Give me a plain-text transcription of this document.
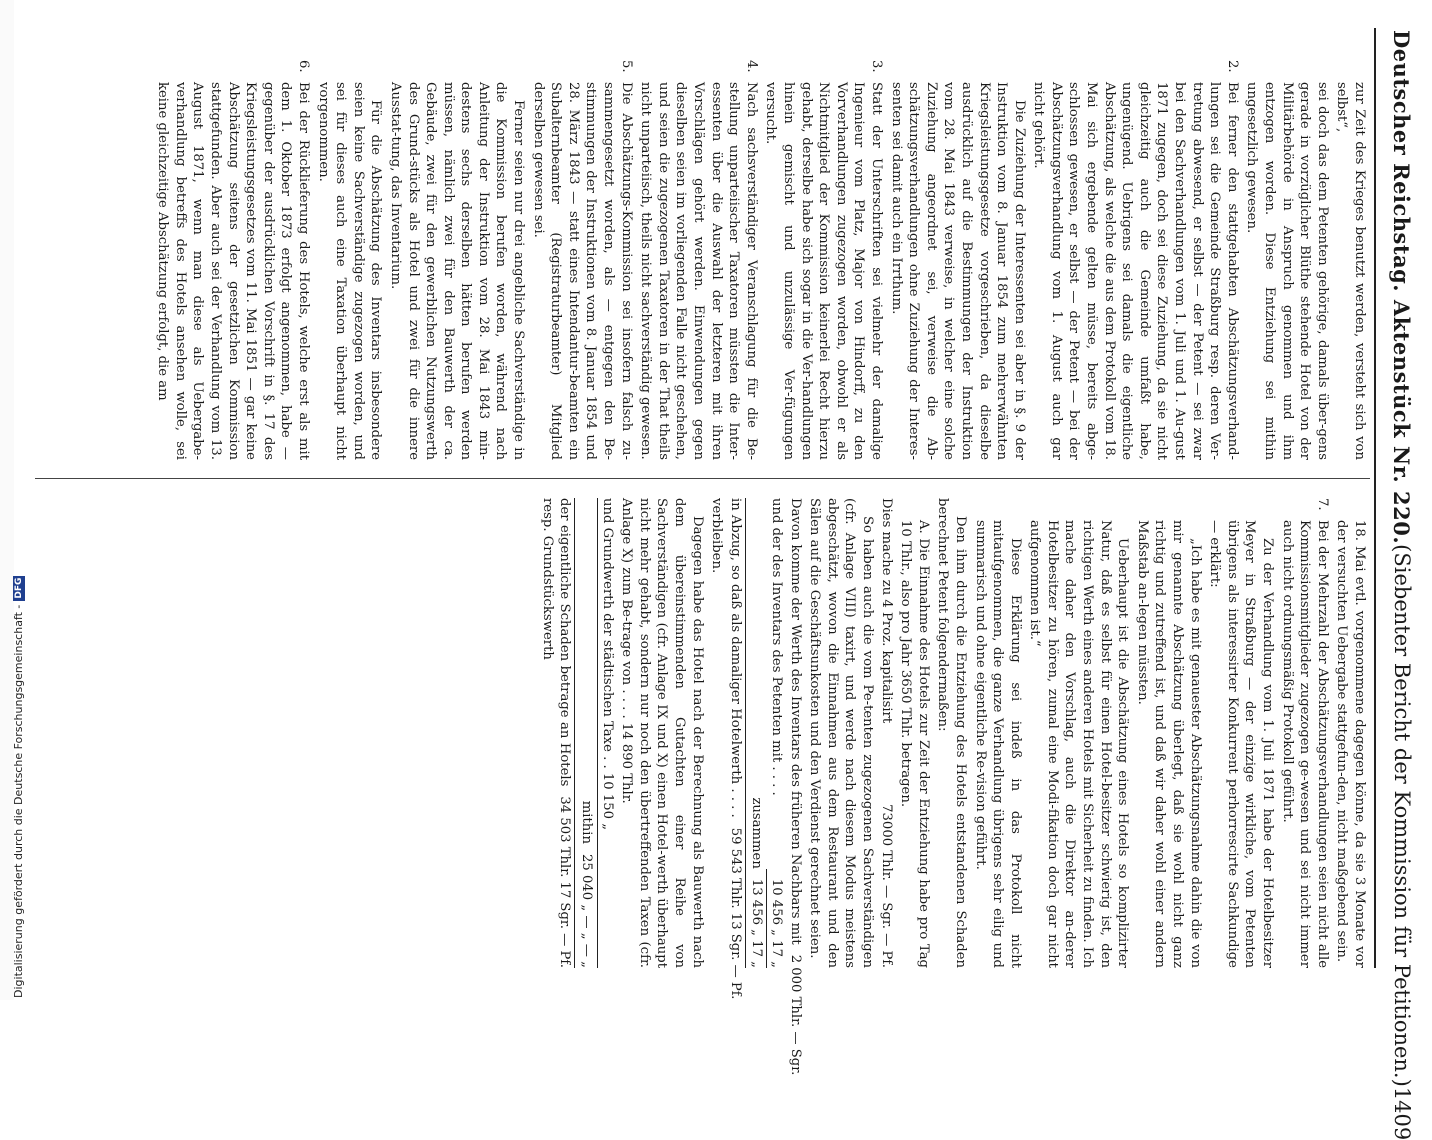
Digitalisierung gefördert durch die Deutsche Forschungsgemeinschaft -
DFG
Deutscher Reichstag. Aktenstück Nr. 220.
(Siebenter Bericht der Kommission für Petitionen.)
1409

zur Zeit des Krieges benutzt werden, versteht sich von selbst“,

sei doch das dem Petenten gehörige, damals über-gens gerade in vorzüglicher Blüthe stehende Hotel von der Militärbehörde in Anspruch genommen und ihm entzogen worden. Diese Entziehung sei mithin ungesetzlich gewesen.

2.
Bei ferner den stattgehabten Abschätzungsverhand-lungen sei die Gemeinde Straßburg resp. deren Ver-tretung abwesend, er selbst — der Petent — sei zwar bei den Sachverhandlungen vom 1. Juli und 1. Au-gust 1871 zugegen, doch sei diese Zuziehung, da sie nicht gleichzeitig auch die Gemeinde umfaßt habe, ungenügend. Uebrigens sei damals die eigentliche Abschätzung, als welche die aus dem Protokoll vom 18. Mai sich ergebende gelten müsse, bereits abge-schlossen gewesen, er selbst — der Petent — bei der Abschätzungsverhandlung vom 1. August auch gar nicht gehört.

Die Zuziehung der Interessenten sei aber in §. 9 der Instruktion vom 8. Januar 1854 zum mehrerwähnten Kriegsleistungsgesetze vorgeschrieben, da dieselbe ausdrücklich auf die Bestimmungen der Instruktion vom 28. Mai 1843 verweise, in welcher eine solche Zuziehung angeordnet sei, verweise die Ab-schätzungsverhandlungen ohne Zuziehung der Interes-senten sei damit auch ein Irrthum.

3.
Statt der Unterschriften sei vielmehr der damalige Ingenieur vom Platz, Major von Hindorff, zu den Vorverhandlungen zugezogen worden, obwohl er als Nichtmitglied der Kommission keinerlei Recht hierzu gehabt, derselbe habe sich sogar in die Ver-handlungen hinein gemischt und unzulässige Ver-fügungen versucht.
4.
Nach sachsverständiger Veranschlagung für die Be-stellung unparteiischer Taxatoren müssten die Inter-essenten über die Auswahl der letzteren mit ihren Vorschlägen gehört werden. Einwendungen gegen dieselben seien im vorliegenden Falle nicht geschehen, und seien die zugezogenen Taxatoren in der That theils nicht unparteiisch, theils nicht sachverständig gewesen.
5.
Die Abschätzungs-Kommission sei insofern falsch zu-sammengesetzt worden, als — entgegen den Be-stimmungen der Instruktionen vom 8. Januar 1854 und 28. März 1843 — statt eines Intendantur-beamten ein Subalternbeamter (Registraturbeamter) Mitglied derselben gewesen sei.

Ferner seien nur drei angebliche Sachverständige in die Kommission berufen worden, während nach Anleitung der Instruktion vom 28. Mai 1843 min-destens sechs derselben hätten berufen werden müssen, nämlich zwei für den Bauwerth der ca. Gebäude, zwei für den gewerblichen Nutzungswerth des Grund-stücks als Hotel und zwei für die innere Ausstat-tung, das Inventarium.

Für die Abschätzung des Inventars insbesondere seien keine Sachverständige zugezogen worden, und sei für dieses auch eine Taxation überhaupt nicht vorgenommen.

6.
Bei der Rücklieferung des Hotels, welche erst als mit dem 1. Oktober 1873 erfolgt angenommen, habe — gegenüber der ausdrücklichen Vorschrift in §. 17 des Kriegsleistungsgesetzes vom 11. Mai 1851 — gar keine Abschätzung seitens der gesetzlichen Kommission stattgefunden. Aber auch sei der Verhandlung vom 13. August 1871, wenn man diese als Uebergabe-verhandlung betreffs des Hotels ansehen wolle, sei keine gleichzeitige Abschätzung erfolgt, die am

18. Mai evtl. vorgenommene dagegen könne, da sie 3 Monate vor der versuchten Uebergabe stattgefun-den, nicht maßgebend sein.

7.
Bei der Mehrzahl der Abschätzungsverhandlungen seien nicht alle Kommissionsmitglieder zugezogen ge-wesen und sei nicht immer auch nicht ordnungsmäßig Protokoll geführt.

Zu der Verhandlung vom 1. Juli 1871 habe der Hotelbesitzer Meyer in Straßburg — der einzige wirkliche, vom Petenten übrigens als interessirter Konkurrent perhorrescirte Sachkundige — erklärt:

„Ich habe es mit genauester Abschätzungsnahme dahin die von mir genannte Abschätzung überlegt, daß sie wohl nicht ganz richtig und zutreffend ist, und daß wir daher wohl einer andern Maßstab an-legen müssten.

Ueberhaupt ist die Abschätzung eines Hotels so komplizirter Natur, daß es selbst für einen Hotel-besitzer schwierig ist, den richtigen Werth eines anderen Hotels mit Sicherheit zu finden. Ich mache daher den Vorschlag, auch die Direktor an-derer Hotelbesitzer zu hören, zumal eine Modi-fikation doch gar nicht aufgenommen ist.“

Diese Erklärung sei indeß in das Protokoll nicht mitaufgenommen, die ganze Verhandlung übrigens sehr eilig und summarisch und ohne eigentliche Re-vision geführt.

Den ihm durch die Entziehung des Hotels entstandenen Schaden berechnet Petent folgendermaßen:

A. Die Einnahme des Hotels zur Zeit der Entziehung habe pro Tag 10 Thlr., also pro Jahr 3650 Thlr. betragen.

Dies mache zu 4 Proz. kapitalisirt
73000 Thlr. — Sgr. — Pf.

So haben auch die vom Pe-tenten zugezogenen Sachverständigen (cfr. Anlage VIII) taxirt, und werde nach diesem Modus meistens abgeschätzt, wovon die Einnahmen aus dem Restaurant und den Sälen auf die Geschäftsunkosten und den Verdienst gerechnet seien.

Davon komme der Werth des Inventars des früheren Nachbars mit
2 000 Thlr. — Sgr.
und der des Inventars des Petenten mit . . . .
10 456 „ 17 „
zusammen
13 456 „ 17 „
in Abzug, so daß als damaliger Hotelwerth . . . .
59 543 Thlr. 13 Sgr. — Pf.

verbleiben.

Dagegen habe das Hotel nach der Berechnung als Bauwerth nach dem übereinstimmenden Gutachten einer Reihe von Sachverständigen (cfr. Anlage IX und X) einen Hotel-werth überhaupt nicht mehr gehabt, sondern nur noch den übertreffenden Taxen (cfr. Anlage X) zum Be-trage von . . . . 14 890 Thlr.

und Grundwerth der städtischen Taxe . . 10 150 „

mithin
25 040 „ — „ — „
der eigentliche Schaden betrage an Hotels resp. Grundstückswerth
34 503 Thlr. 17 Sgr. — Pf.
